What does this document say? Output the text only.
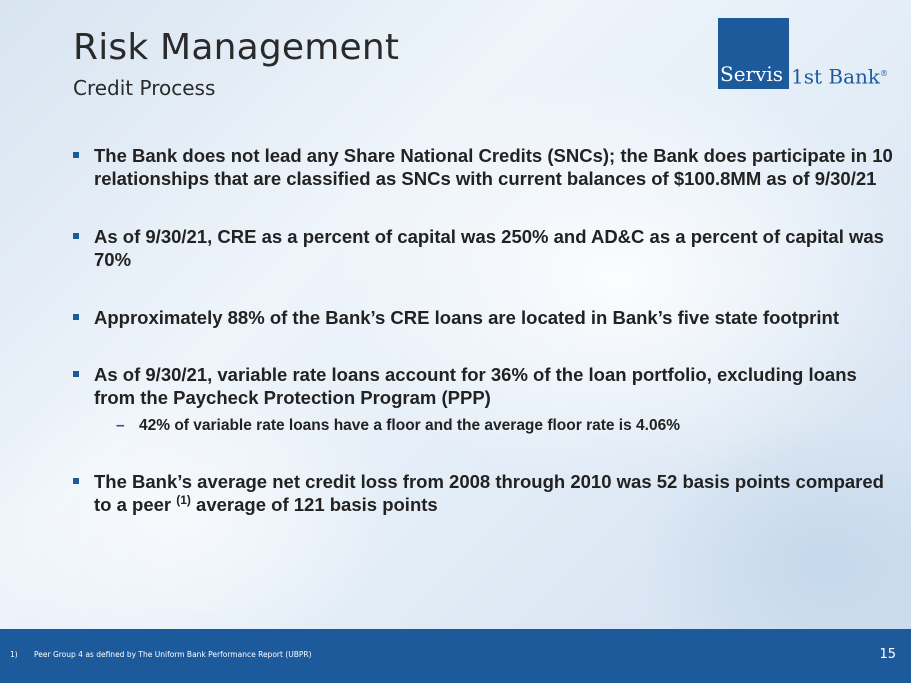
Risk Management
Credit Process
Servis 1st Bank®
The Bank does not lead any Share National Credits (SNCs); the Bank does participate in 10 relationships that are classified as SNCs with current balances of $100.8MM as of 9/30/21
As of 9/30/21, CRE as a percent of capital was 250% and AD&C as a percent of capital was 70%
Approximately 88% of the Bank’s CRE loans are located in Bank’s five state footprint
As of 9/30/21, variable rate loans account for 36% of the loan portfolio, excluding loans from the Paycheck Protection Program (PPP)
– 42% of variable rate loans have a floor and the average floor rate is 4.06%
The Bank’s average net credit loss from 2008 through 2010 was 52 basis points compared to a peer $^{(1)}$ average of 121 basis points
1) Peer Group 4 as defined by The Uniform Bank Performance Report (UBPR)	15
